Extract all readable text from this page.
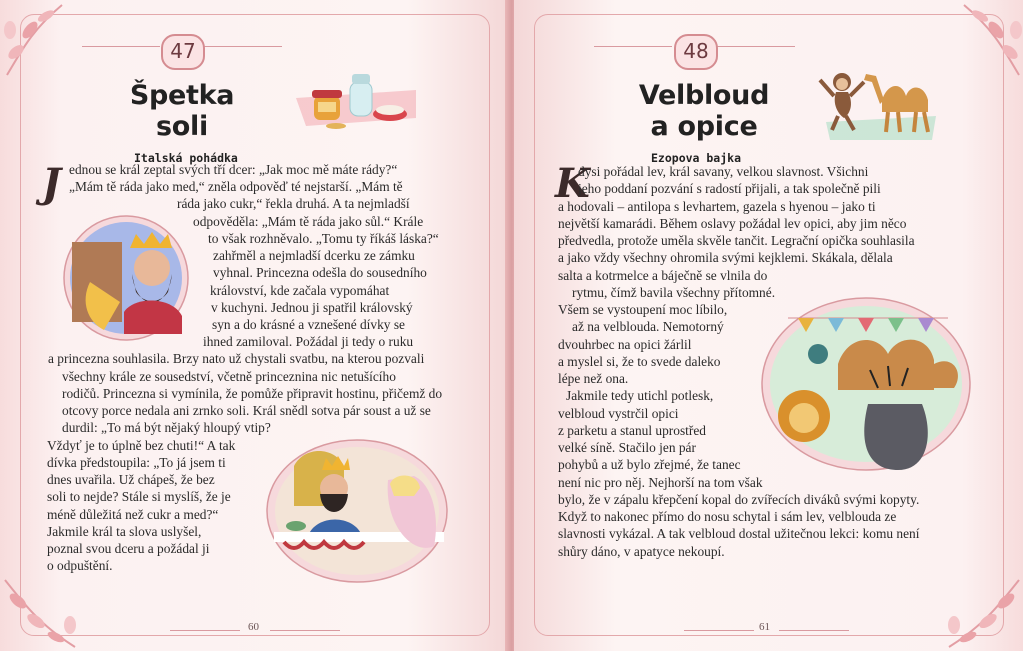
47
Špetka
soli
Italská pohádka
J

ednou se král zeptal svých tří dcer: „Jak moc mě máte rády?“

„Mám tě ráda jako med,“ zněla odpověď té nejstarší. „Mám tě

ráda jako cukr,“ řekla druhá. A ta nejmladší

odpověděla: „Mám tě ráda jako sůl.“ Krále

to však rozhněvalo. „Tomu ty říkáš láska?“

zahřměl a nejmladší dcerku ze zámku

vyhnal. Princezna odešla do sousedního

království, kde začala vypomáhat

v kuchyni. Jednou ji spatřil královský

syn a do krásné a vznešené dívky se

ihned zamiloval. Požádal ji tedy o ruku

a princezna souhlasila. Brzy nato už chystali svatbu, na kterou pozvali

všechny krále ze sousedství, včetně princeznina nic netušícího

rodičů. Princezna si vymínila, že pomůže připravit hostinu, přičemž do

otcovy porce nedala ani zrnko soli. Král snědl sotva pár soust a už se

durdil: „To má být nějaký hloupý vtip?

Vždyť je to úplně bez chuti!“ A tak

dívka předstoupila: „To já jsem ti

dnes uvařila. Už chápeš, že bez

soli to nejde? Stále si myslíš, že je

méně důležitá než cukr a med?“

Jakmile král ta slova uslyšel,

poznal svou dceru a požádal ji

o odpuštění.

60
48
Velbloud
a opice
Ezopova bajka
K

dysi pořádal lev, král savany, velkou slavnost. Všichni

jeho poddaní pozvání s radostí přijali, a tak společně pili

a hodovali – antilopa s levhartem, gazela s hyenou – jako ti

největší kamarádi. Během oslavy požádal lev opici, aby jim něco

předvedla, protože uměla skvěle tančit. Legrační opička souhlasila

a jako vždy všechny ohromila svými kejklemi. Skákala, dělala

salta a kotrmelce a báječně se vlnila do

rytmu, čímž bavila všechny přítomné.

Všem se vystoupení moc líbilo,

až na velblouda. Nemotorný

dvouhrbec na opici žárlil

a myslel si, že to svede daleko

lépe než ona.

Jakmile tedy utichl potlesk,

velbloud vystrčil opici

z parketu a stanul uprostřed

velké síně. Stačilo jen pár

pohybů a už bylo zřejmé, že tanec

není nic pro něj. Nejhorší na tom však

bylo, že v zápalu křepčení kopal do zvířecích diváků svými kopyty.

Když to nakonec přímo do nosu schytal i sám lev, velblouda ze

slavnosti vykázal. A tak velbloud dostal užitečnou lekci: komu není

shůry dáno, v apatyce nekoupí.

61
